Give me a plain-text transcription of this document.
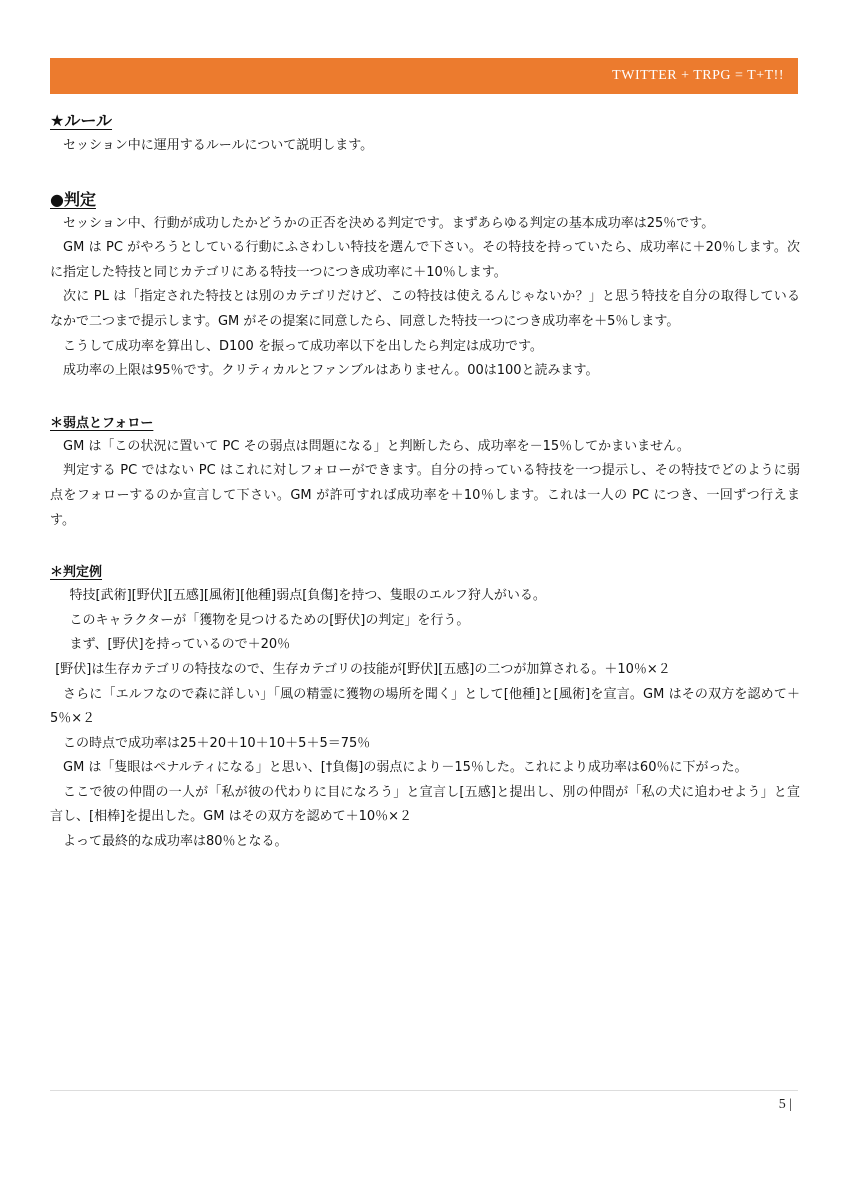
TWITTER + TRPG = T+T!!
★ルール

セッション中に運用するルールについて説明します。

●判定

セッション中、行動が成功したかどうかの正否を決める判定です。まずあらゆる判定の基本成功率は25％です。

GM は PC がやろうとしている行動にふさわしい特技を選んで下さい。その特技を持っていたら、成功率に＋20％します。次に指定した特技と同じカテゴリにある特技一つにつき成功率に＋10％します。

次に PL は「指定された特技とは別のカテゴリだけど、この特技は使えるんじゃないか？」と思う特技を自分の取得しているなかで二つまで提示します。GM がその提案に同意したら、同意した特技一つにつき成功率を＋5％します。

こうして成功率を算出し、D100 を振って成功率以下を出したら判定は成功です。

成功率の上限は95％です。クリティカルとファンブルはありません。00は100と読みます。

＊弱点とフォロー

GM は「この状況に置いて PC その弱点は問題になる」と判断したら、成功率を－15％してかまいません。

判定する PC ではない PC はこれに対しフォローができます。自分の持っている特技を一つ提示し、その特技でどのように弱点をフォローするのか宣言して下さい。GM が許可すれば成功率を＋10％します。これは一人の PC につき、一回ずつ行えます。

＊判定例

特技[武術][野伏][五感][風術][他種]弱点[負傷]を持つ、隻眼のエルフ狩人がいる。

このキャラクターが「獲物を見つけるための[野伏]の判定」を行う。

まず、[野伏]を持っているので＋20％

[野伏]は生存カテゴリの特技なので、生存カテゴリの技能が[野伏][五感]の二つが加算される。＋10％×２

さらに「エルフなので森に詳しい」「風の精霊に獲物の場所を聞く」として[他種]と[風術]を宣言。GM はその双方を認めて＋5％×２

この時点で成功率は25＋20＋10＋10＋5＋5＝75％

GM は「隻眼はペナルティになる」と思い、[†負傷]の弱点により－15％した。これにより成功率は60％に下がった。

ここで彼の仲間の一人が「私が彼の代わりに目になろう」と宣言し[五感]と提出し、別の仲間が「私の犬に追わせよう」と宣言し、[相棒]を提出した。GM はその双方を認めて＋10％×２

よって最終的な成功率は80％となる。

5 |
